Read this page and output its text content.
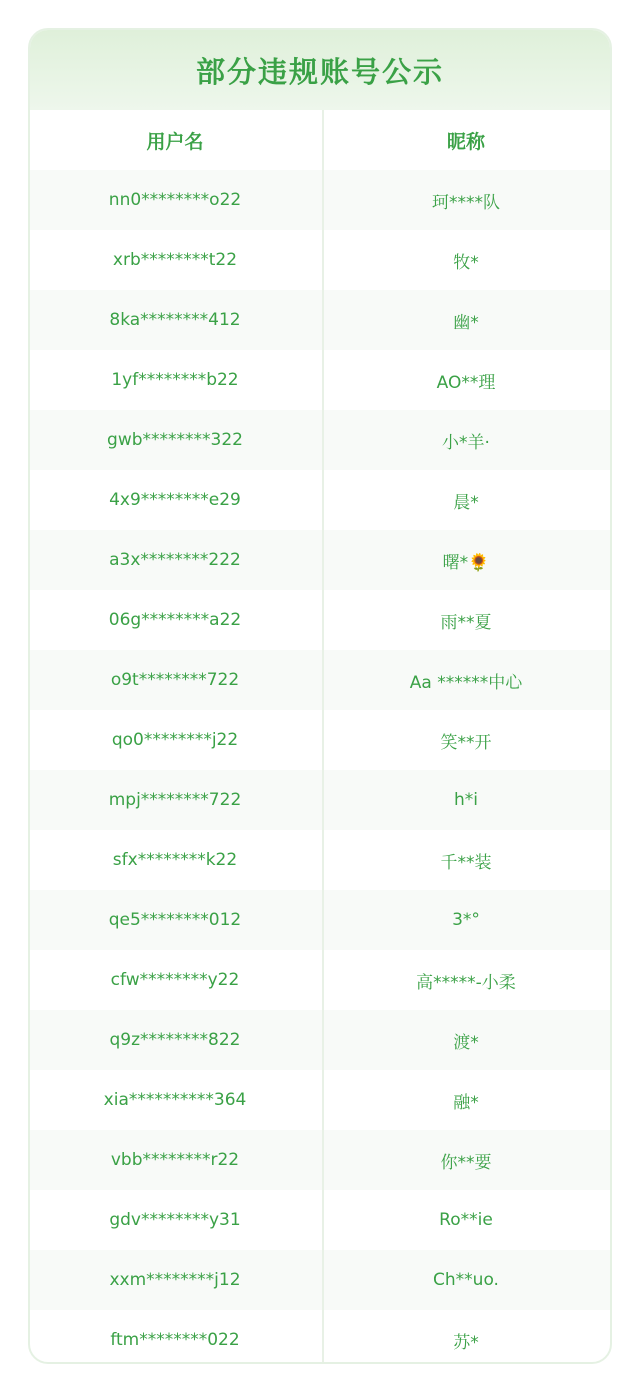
部分违规账号公示
用户名	昵称
nn0********o22	珂****队
xrb********t22	牧*
8ka********412	幽*
1yf********b22	AO**理
gwb********322	小*羊·
4x9********e29	晨*
a3x********222	曙*🌻
06g********a22	雨**夏
o9t********722	Aa ******中心
qo0********j22	笑**开
mpj********722	h*i
sfx********k22	千**装
qe5********012	3*°
cfw********y22	高*****-小柔
q9z********822	渡*
xia**********364	融*
vbb********r22	你**要
gdv********y31	Ro**ie
xxm********j12	Ch**uo.
ftm********022	苏*
